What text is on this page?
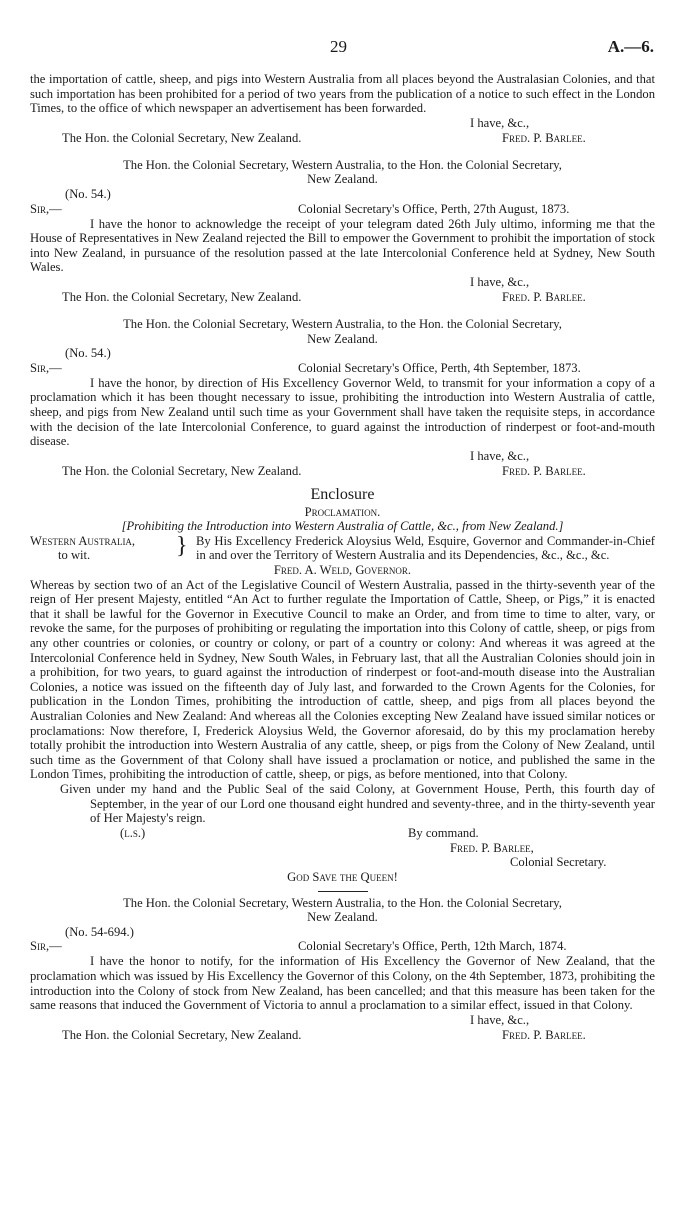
29	A.—6.

the importation of cattle, sheep, and pigs into Western Australia from all places beyond the Australasian Colonies, and that such importation has been prohibited for a period of two years from the publication of a notice to such effect in the London Times, to the office of which newspaper an advertisement has been forwarded.

I have, &c.,
The Hon. the Colonial Secretary, New Zealand.	Fred. P. Barlee.
The Hon. the Colonial Secretary, Western Australia, to the Hon. the Colonial Secretary,
New Zealand.
(No. 54.)
Sir,—	Colonial Secretary's Office, Perth, 27th August, 1873.

I have the honor to acknowledge the receipt of your telegram dated 26th July ultimo, informing me that the House of Representatives in New Zealand rejected the Bill to empower the Government to prohibit the importation of stock into New Zealand, in pursuance of the resolution passed at the late Intercolonial Conference held at Sydney, New South Wales.

I have, &c.,
The Hon. the Colonial Secretary, New Zealand.	Fred. P. Barlee.
The Hon. the Colonial Secretary, Western Australia, to the Hon. the Colonial Secretary,
New Zealand.
(No. 54.)
Sir,—	Colonial Secretary's Office, Perth, 4th September, 1873.

I have the honor, by direction of His Excellency Governor Weld, to transmit for your information a copy of a proclamation which it has been thought necessary to issue, prohibiting the introduction into Western Australia of cattle, sheep, and pigs from New Zealand until such time as your Government shall have taken the requisite steps, in accordance with the decision of the late Intercolonial Conference, to guard against the introduction of rinderpest or foot-and-mouth disease.

I have, &c.,
The Hon. the Colonial Secretary, New Zealand.	Fred. P. Barlee.
Enclosure
Proclamation.
[Prohibiting the Introduction into Western Australia of Cattle, &c., from New Zealand.]
Western Australia,
to wit.	} By His Excellency Frederick Aloysius Weld, Esquire, Governor and Commander-in-Chief in and over the Territory of Western Australia and its Dependencies, &c., &c., &c.
Fred. A. Weld, Governor.

Whereas by section two of an Act of the Legislative Council of Western Australia, passed in the thirty-seventh year of the reign of Her present Majesty, entitled “An Act to further regulate the Importation of Cattle, Sheep, or Pigs,” it is enacted that it shall be lawful for the Governor in Executive Council to make an Order, and from time to time to alter, vary, or revoke the same, for the purposes of prohibiting or regulating the importation into this Colony of cattle, sheep, or pigs from any other countries or colonies, or country or colony, or part of a country or colony: And whereas it was agreed at the Intercolonial Conference held in Sydney, New South Wales, in February last, that all the Australian Colonies should join in a prohibition, for two years, to guard against the introduction of rinderpest or foot-and-mouth disease into the Australian Colonies, a notice was issued on the fifteenth day of July last, and forwarded to the Crown Agents for the Colonies, for publication in the London Times, prohibiting the introduction of cattle, sheep, and pigs from all places beyond the Australian Colonies and New Zealand: And whereas all the Colonies excepting New Zealand have issued similar notices or proclamations: Now therefore, I, Frederick Aloysius Weld, the Governor aforesaid, do by this my proclamation hereby totally prohibit the introduction into Western Australia of any cattle, sheep, or pigs from the Colony of New Zealand, until such time as the Government of that Colony shall have issued a proclamation or notice, and published the same in the London Times, prohibiting the introduction of cattle, sheep, or pigs, as before mentioned, into that Colony.

Given under my hand and the Public Seal of the said Colony, at Government House, Perth, this fourth day of September, in the year of our Lord one thousand eight hundred and seventy-three, and in the thirty-seventh year of Her Majesty's reign.

(l.s.)	By command.
Fred. P. Barlee,
Colonial Secretary.
God Save the Queen!
The Hon. the Colonial Secretary, Western Australia, to the Hon. the Colonial Secretary,
New Zealand.
(No. 54-694.)
Sir,—	Colonial Secretary's Office, Perth, 12th March, 1874.

I have the honor to notify, for the information of His Excellency the Governor of New Zealand, that the proclamation which was issued by His Excellency the Governor of this Colony, on the 4th September, 1873, prohibiting the introduction into the Colony of stock from New Zealand, has been cancelled; and that this measure has been taken for the same reasons that induced the Government of Victoria to annul a proclamation to a similar effect, issued in that Colony.

I have, &c.,
The Hon. the Colonial Secretary, New Zealand.	Fred. P. Barlee.
